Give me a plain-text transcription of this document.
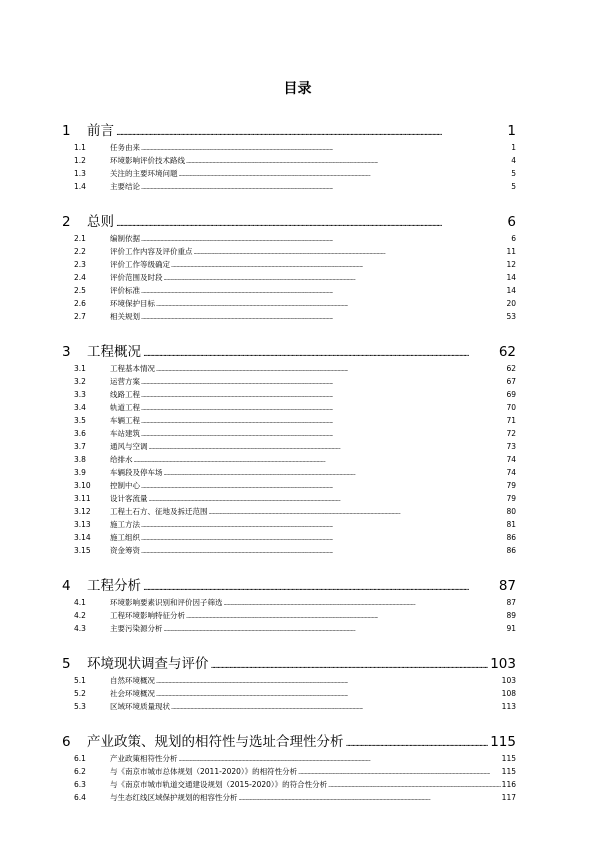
目录
1	前言 . . .	1
1.1	任务由来 . . .	1
1.2	环境影响评价技术路线 . . .	4
1.3	关注的主要环境问题 . . .	5
1.4	主要结论 . . .	5
2	总则 . . .	6
2.1	编制依据 . . .	6
2.2	评价工作内容及评价重点 . . .	11
2.3	评价工作等级确定 . . .	12
2.4	评价范围及时段 . . .	14
2.5	评价标准 . . .	14
2.6	环境保护目标 . . .	20
2.7	相关规划 . . .	53
3	工程概况 . . .	62
3.1	工程基本情况 . . .	62
3.2	运营方案 . . .	67
3.3	线路工程 . . .	69
3.4	轨道工程 . . .	70
3.5	车辆工程 . . .	71
3.6	车站建筑 . . .	72
3.7	通风与空调 . . .	73
3.8	给排水 . . .	74
3.9	车辆段及停车场 . . .	74
3.10	控制中心 . . .	79
3.11	设计客流量 . . .	79
3.12	工程土石方、征地及拆迁范围 . . .	80
3.13	施工方法 . . .	81
3.14	施工组织 . . .	86
3.15	资金筹资 . . .	86
4	工程分析 . . .	87
4.1	环境影响要素识别和评价因子筛选 . . .	87
4.2	工程环境影响特征分析 . . .	89
4.3	主要污染源分析 . . .	91
5	环境现状调查与评价 . . .	103
5.1	自然环境概况 . . .	103
5.2	社会环境概况 . . .	108
5.3	区域环境质量现状 . . .	113
6	产业政策、规划的相符性与选址合理性分析 . . .	115
6.1	产业政策相符性分析 . . .	115
6.2	与《南京市城市总体规划（2011-2020）》的相符性分析 . . .	115
6.3	与《南京市城市轨道交通建设规划（2015-2020）》的符合性分析 . . .	116
6.4	与生态红线区域保护规划的相容性分析 . . .	117
